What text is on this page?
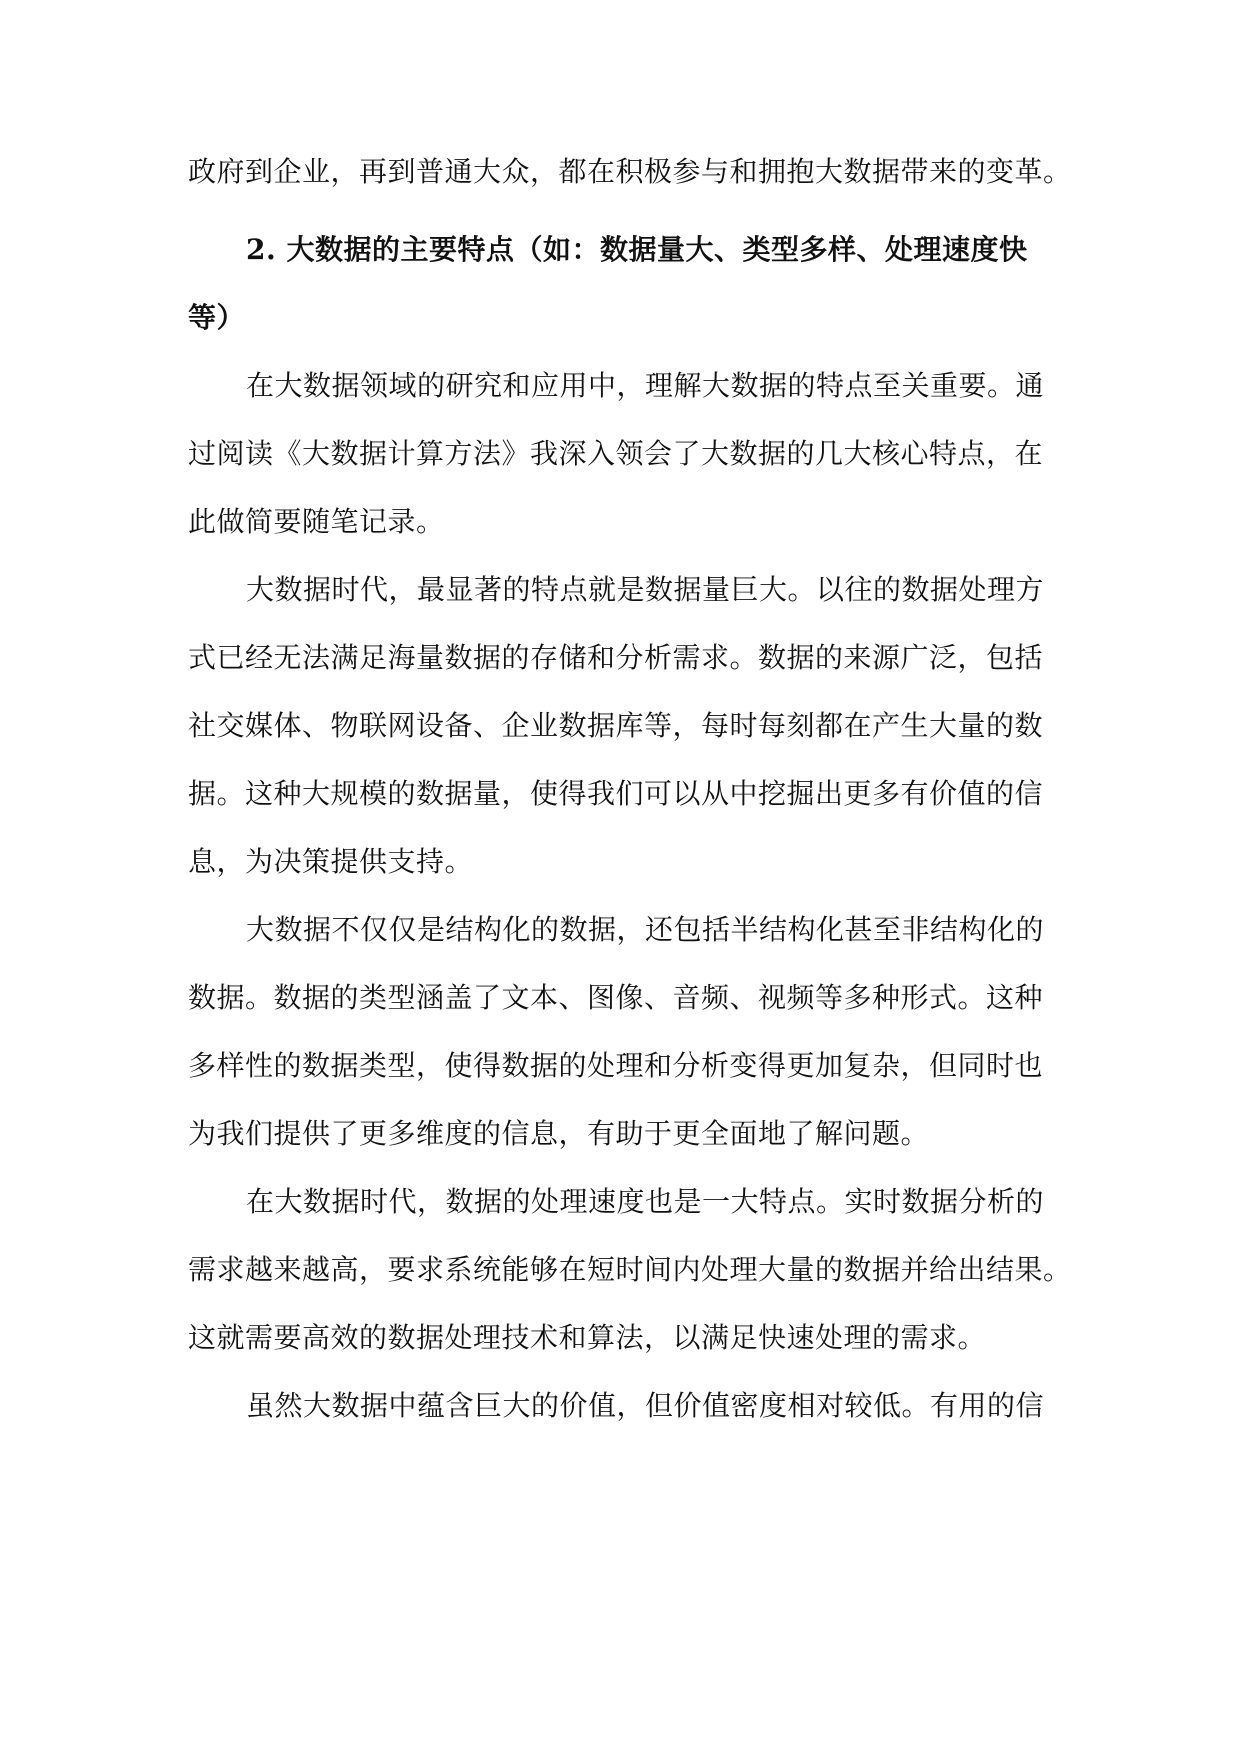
政府到企业，再到普通大众，都在积极参与和拥抱大数据带来的变革。
2. 大数据的主要特点（如：数据量大、类型多样、处理速度快
等）
在大数据领域的研究和应用中，理解大数据的特点至关重要。通
过阅读《大数据计算方法》我深入领会了大数据的几大核心特点，在
此做简要随笔记录。
大数据时代，最显著的特点就是数据量巨大。以往的数据处理方
式已经无法满足海量数据的存储和分析需求。数据的来源广泛，包括
社交媒体、物联网设备、企业数据库等，每时每刻都在产生大量的数
据。这种大规模的数据量，使得我们可以从中挖掘出更多有价值的信
息，为决策提供支持。
大数据不仅仅是结构化的数据，还包括半结构化甚至非结构化的
数据。数据的类型涵盖了文本、图像、音频、视频等多种形式。这种
多样性的数据类型，使得数据的处理和分析变得更加复杂，但同时也
为我们提供了更多维度的信息，有助于更全面地了解问题。
在大数据时代，数据的处理速度也是一大特点。实时数据分析的
需求越来越高，要求系统能够在短时间内处理大量的数据并给出结果。
这就需要高效的数据处理技术和算法，以满足快速处理的需求。
虽然大数据中蕴含巨大的价值，但价值密度相对较低。有用的信
